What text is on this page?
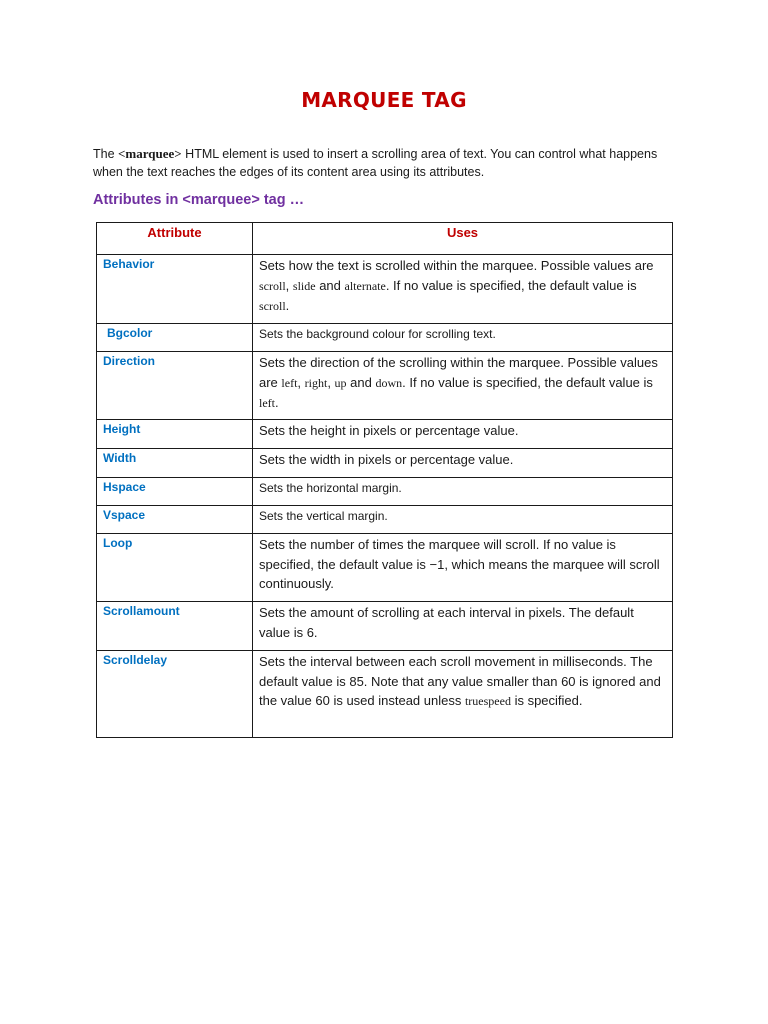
MARQUEE TAG
The <marquee> HTML element is used to insert a scrolling area of text. You can control what happens when the text reaches the edges of its content area using its attributes.
Attributes in <marquee> tag …
Attribute	Uses

Behavior	Sets how the text is scrolled within the marquee. Possible values are scroll, slide and alternate. If no value is specified, the default value is scroll.

Bgcolor	Sets the background colour for scrolling text.

Direction	Sets the direction of the scrolling within the marquee. Possible values are left, right, up and down. If no value is specified, the default value is left.

Height	Sets the height in pixels or percentage value.

Width	Sets the width in pixels or percentage value.

Hspace	Sets the horizontal margin.

Vspace	Sets the vertical margin.

Loop	Sets the number of times the marquee will scroll. If no value is specified, the default value is −1, which means the marquee will scroll continuously.

Scrollamount	Sets the amount of scrolling at each interval in pixels. The default value is 6.

Scrolldelay	Sets the interval between each scroll movement in milliseconds. The default value is 85. Note that any value smaller than 60 is ignored and the value 60 is used instead unless truespeed is specified.
